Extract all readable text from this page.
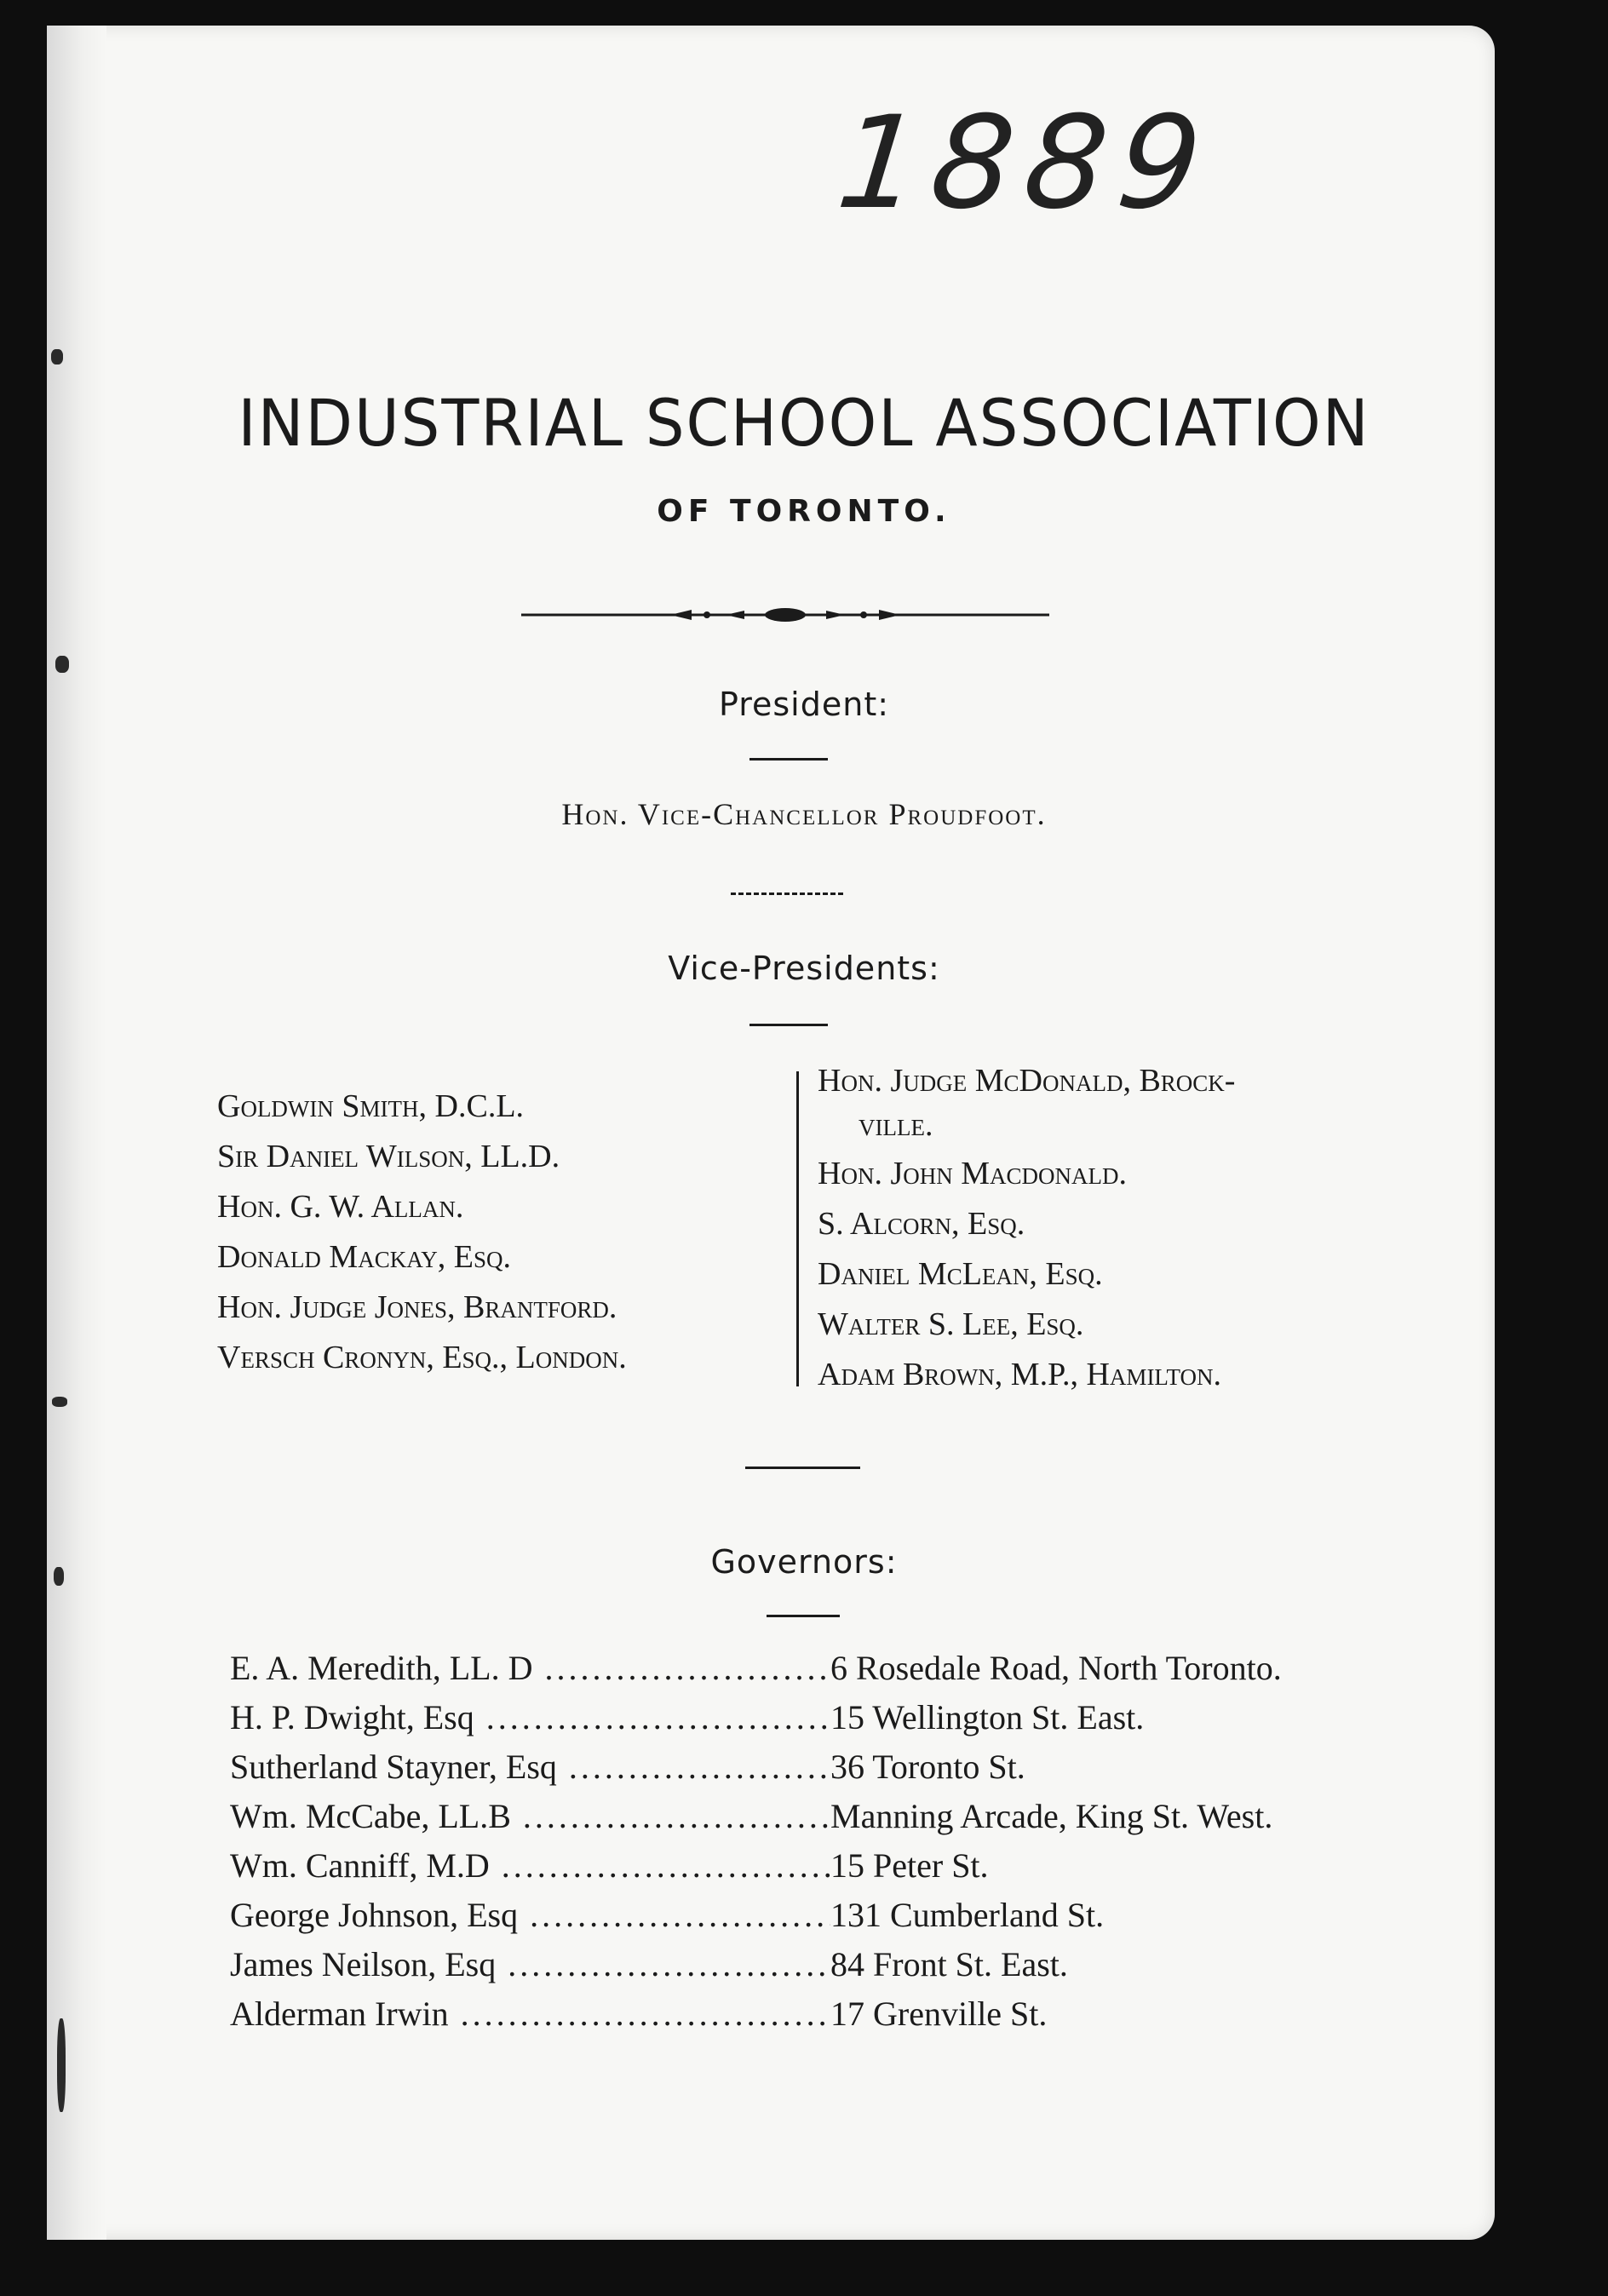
1889
INDUSTRIAL SCHOOL ASSOCIATION
OF TORONTO.
President:
Hon. Vice-Chancellor Proudfoot.
Vice-Presidents:
Goldwin Smith, D.C.L.
Sir Daniel Wilson, LL.D.
Hon. G. W. Allan.
Donald Mackay, Esq.
Hon. Judge Jones, Brantford.
Versch Cronyn, Esq., London.
Hon. Judge McDonald, Brock-
ville.
Hon. John Macdonald.
S. Alcorn, Esq.
Daniel McLean, Esq.
Walter S. Lee, Esq.
Adam Brown, M.P., Hamilton.
Governors:
E. A. Meredith, LL. D .....	6 Rosedale Road, North Toronto.
H. P. Dwight, Esq .....	15 Wellington St. East.
Sutherland Stayner, Esq .....	36 Toronto St.
Wm. McCabe, LL.B .....	Manning Arcade, King St. West.
Wm. Canniff, M.D .....	15 Peter St.
George Johnson, Esq .....	131 Cumberland St.
James Neilson, Esq .....	84 Front St. East.
Alderman Irwin .....	17 Grenville St.
